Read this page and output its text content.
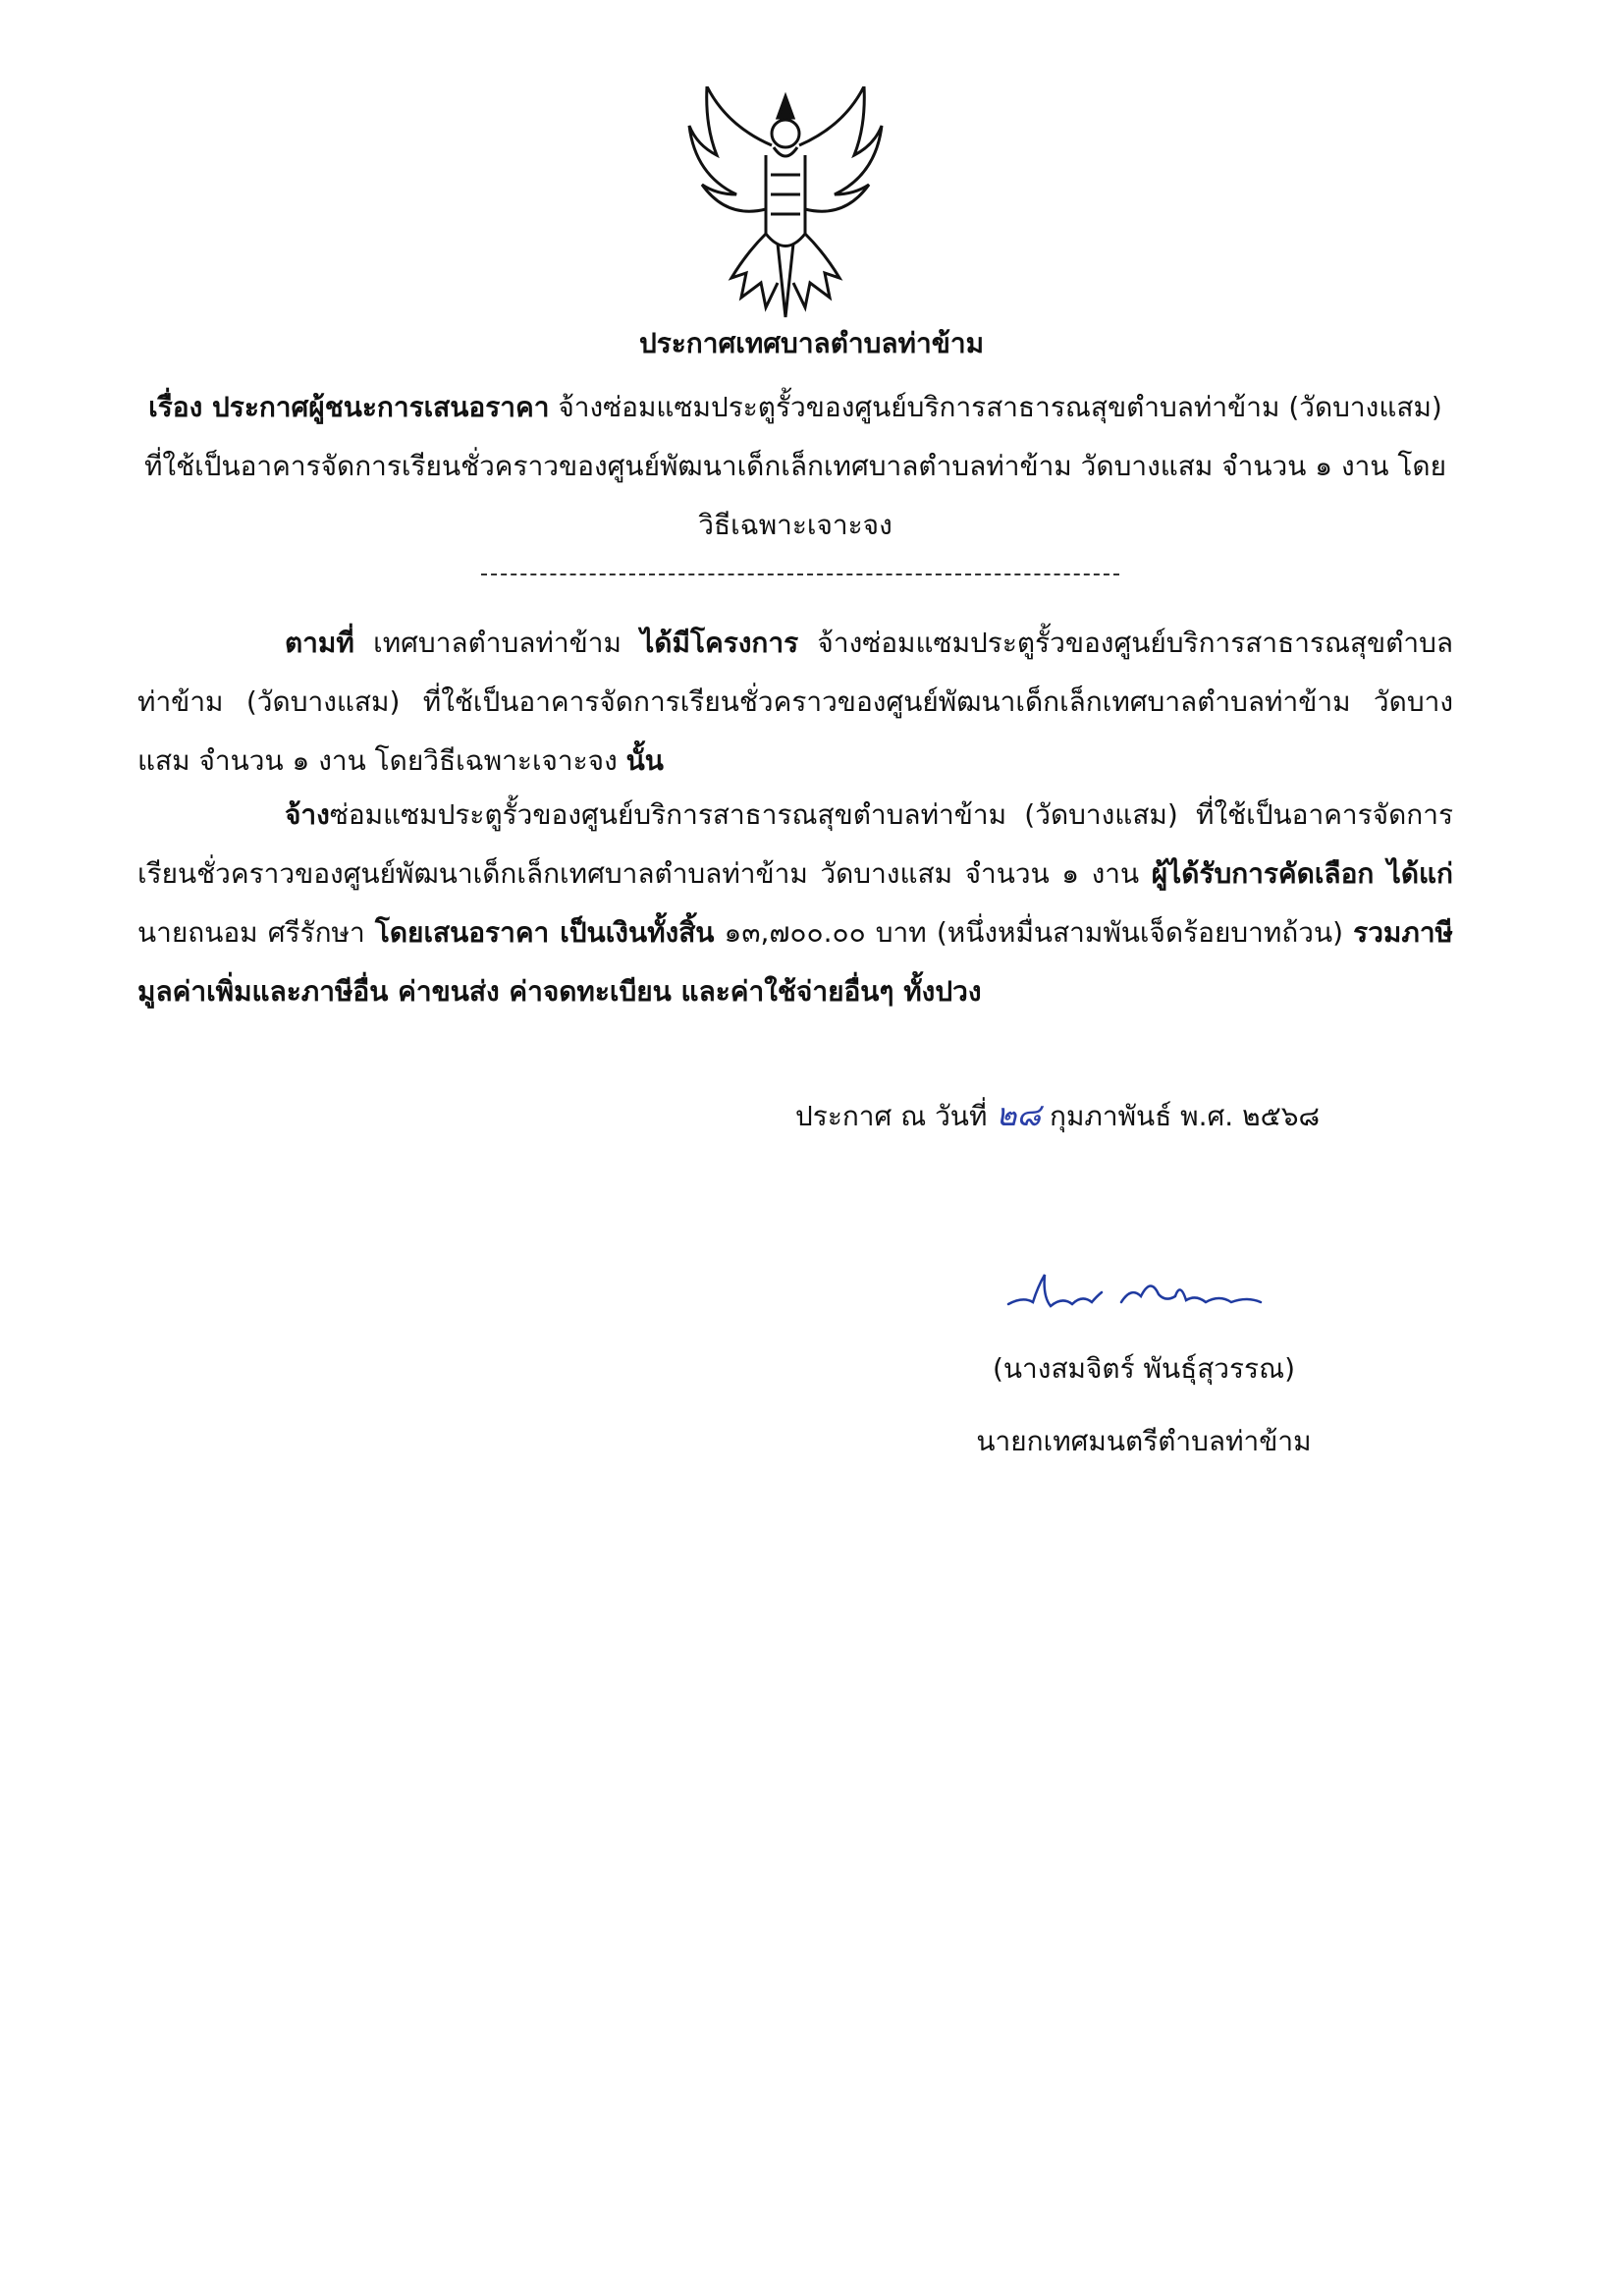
ประกาศเทศบาลตำบลท่าข้าม
เรื่อง ประกาศผู้ชนะการเสนอราคา จ้างซ่อมแซมประตูรั้วของศูนย์บริการสาธารณสุขตำบลท่าข้าม (วัดบางแสม) ที่ใช้เป็นอาคารจัดการเรียนชั่วคราวของศูนย์พัฒนาเด็กเล็กเทศบาลตำบลท่าข้าม วัดบางแสม จำนวน ๑ งาน โดยวิธีเฉพาะเจาะจง

ตามที่ เทศบาลตำบลท่าข้าม ได้มีโครงการ จ้างซ่อมแซมประตูรั้วของศูนย์บริการสาธารณสุขตำบลท่าข้าม (วัดบางแสม) ที่ใช้เป็นอาคารจัดการเรียนชั่วคราวของศูนย์พัฒนาเด็กเล็กเทศบาลตำบลท่าข้าม วัดบางแสม จำนวน ๑ งาน โดยวิธีเฉพาะเจาะจง นั้น

จ้างซ่อมแซมประตูรั้วของศูนย์บริการสาธารณสุขตำบลท่าข้าม (วัดบางแสม) ที่ใช้เป็นอาคารจัดการเรียนชั่วคราวของศูนย์พัฒนาเด็กเล็กเทศบาลตำบลท่าข้าม วัดบางแสม จำนวน ๑ งาน ผู้ได้รับการคัดเลือก ได้แก่ นายถนอม ศรีรักษา โดยเสนอราคา เป็นเงินทั้งสิ้น ๑๓,๗๐๐.๐๐ บาท (หนึ่งหมื่นสามพันเจ็ดร้อยบาทถ้วน) รวมภาษีมูลค่าเพิ่มและภาษีอื่น ค่าขนส่ง ค่าจดทะเบียน และค่าใช้จ่ายอื่นๆ ทั้งปวง

ประกาศ ณ วันที่ ๒๘ กุมภาพันธ์ พ.ศ. ๒๕๖๘
(นางสมจิตร์ พันธุ์สุวรรณ)
นายกเทศมนตรีตำบลท่าข้าม
